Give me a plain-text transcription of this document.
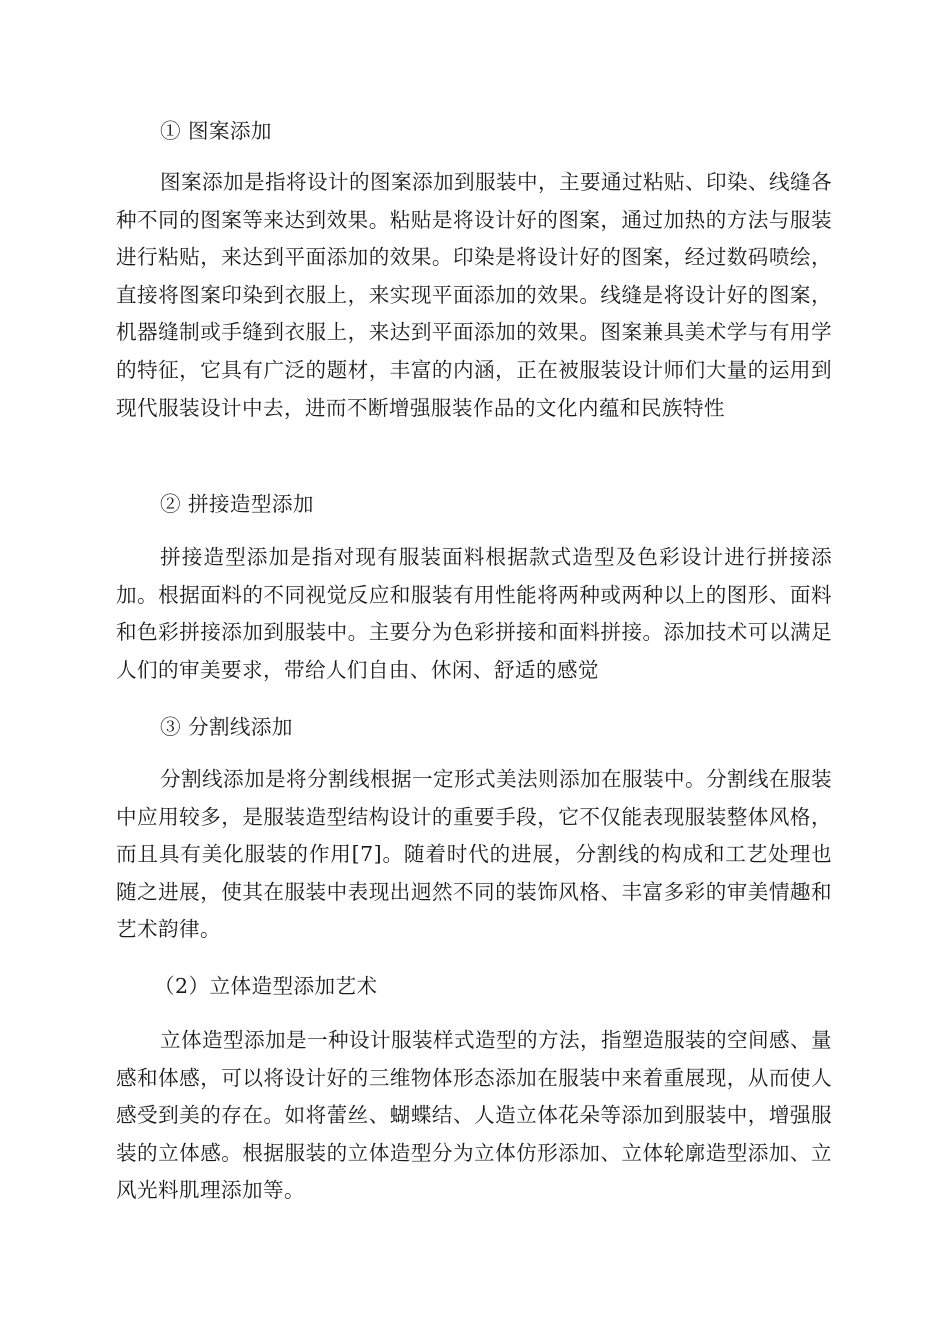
① 图案添加

图案添加是指将设计的图案添加到服装中，主要通过粘贴、印染、线缝各种不同的图案等来达到效果。粘贴是将设计好的图案，通过加热的方法与服装进行粘贴，来达到平面添加的效果。印染是将设计好的图案，经过数码喷绘，直接将图案印染到衣服上，来实现平面添加的效果。线缝是将设计好的图案，机器缝制或手缝到衣服上，来达到平面添加的效果。图案兼具美术学与有用学的特征，它具有广泛的题材，丰富的内涵，正在被服装设计师们大量的运用到现代服装设计中去，进而不断增强服装作品的文化内蕴和民族特性

② 拼接造型添加

拼接造型添加是指对现有服装面料根据款式造型及色彩设计进行拼接添加。根据面料的不同视觉反应和服装有用性能将两种或两种以上的图形、面料和色彩拼接添加到服装中。主要分为色彩拼接和面料拼接。添加技术可以满足人们的审美要求，带给人们自由、休闲、舒适的感觉

③ 分割线添加

分割线添加是将分割线根据一定形式美法则添加在服装中。分割线在服装中应用较多，是服装造型结构设计的重要手段，它不仅能表现服装整体风格，而且具有美化服装的作用[7]。随着时代的进展，分割线的构成和工艺处理也随之进展，使其在服装中表现出迥然不同的装饰风格、丰富多彩的审美情趣和艺术韵律。

（2）立体造型添加艺术

立体造型添加是一种设计服装样式造型的方法，指塑造服装的空间感、量感和体感，可以将设计好的三维物体形态添加在服装中来着重展现，从而使人感受到美的存在。如将蕾丝、蝴蝶结、人造立体花朵等添加到服装中，增强服装的立体感。根据服装的立体造型分为立体仿形添加、立体轮廓造型添加、立风光料肌理添加等。
